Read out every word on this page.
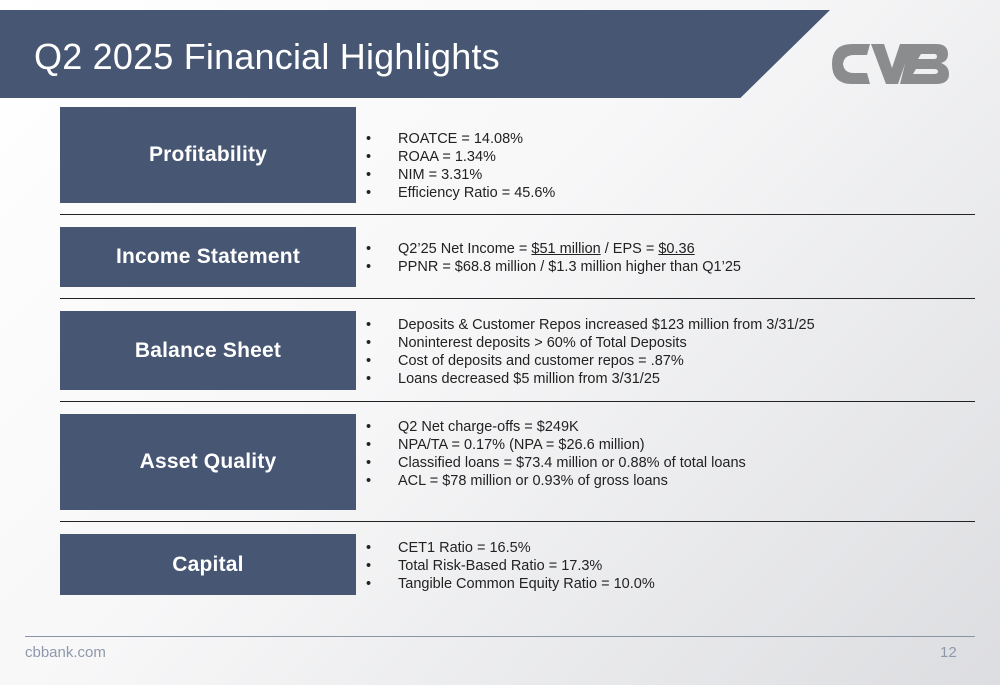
Q2 2025 Financial Highlights
Profitability
• ROATCE = 14.08%
• ROAA = 1.34%
• NIM = 3.31%
• Efficiency Ratio = 45.6%
Income Statement
•	Q2’25 Net Income = $51 million / EPS = $0.36
• PPNR = $68.8 million / $1.3 million higher than Q1’25
Balance Sheet
• Deposits & Customer Repos increased $123 million from 3/31/25
• Noninterest deposits > 60% of Total Deposits
• Cost of deposits and customer repos = .87%
• Loans decreased $5 million from 3/31/25
Asset Quality
• Q2 Net charge-offs = $249K
• NPA/TA = 0.17% (NPA = $26.6 million)
• Classified loans = $73.4 million or 0.88% of total loans
• ACL = $78 million or 0.93% of gross loans
Capital
• CET1 Ratio = 16.5%
• Total Risk-Based Ratio = 17.3%
• Tangible Common Equity Ratio = 10.0%
cbbank.com	12
